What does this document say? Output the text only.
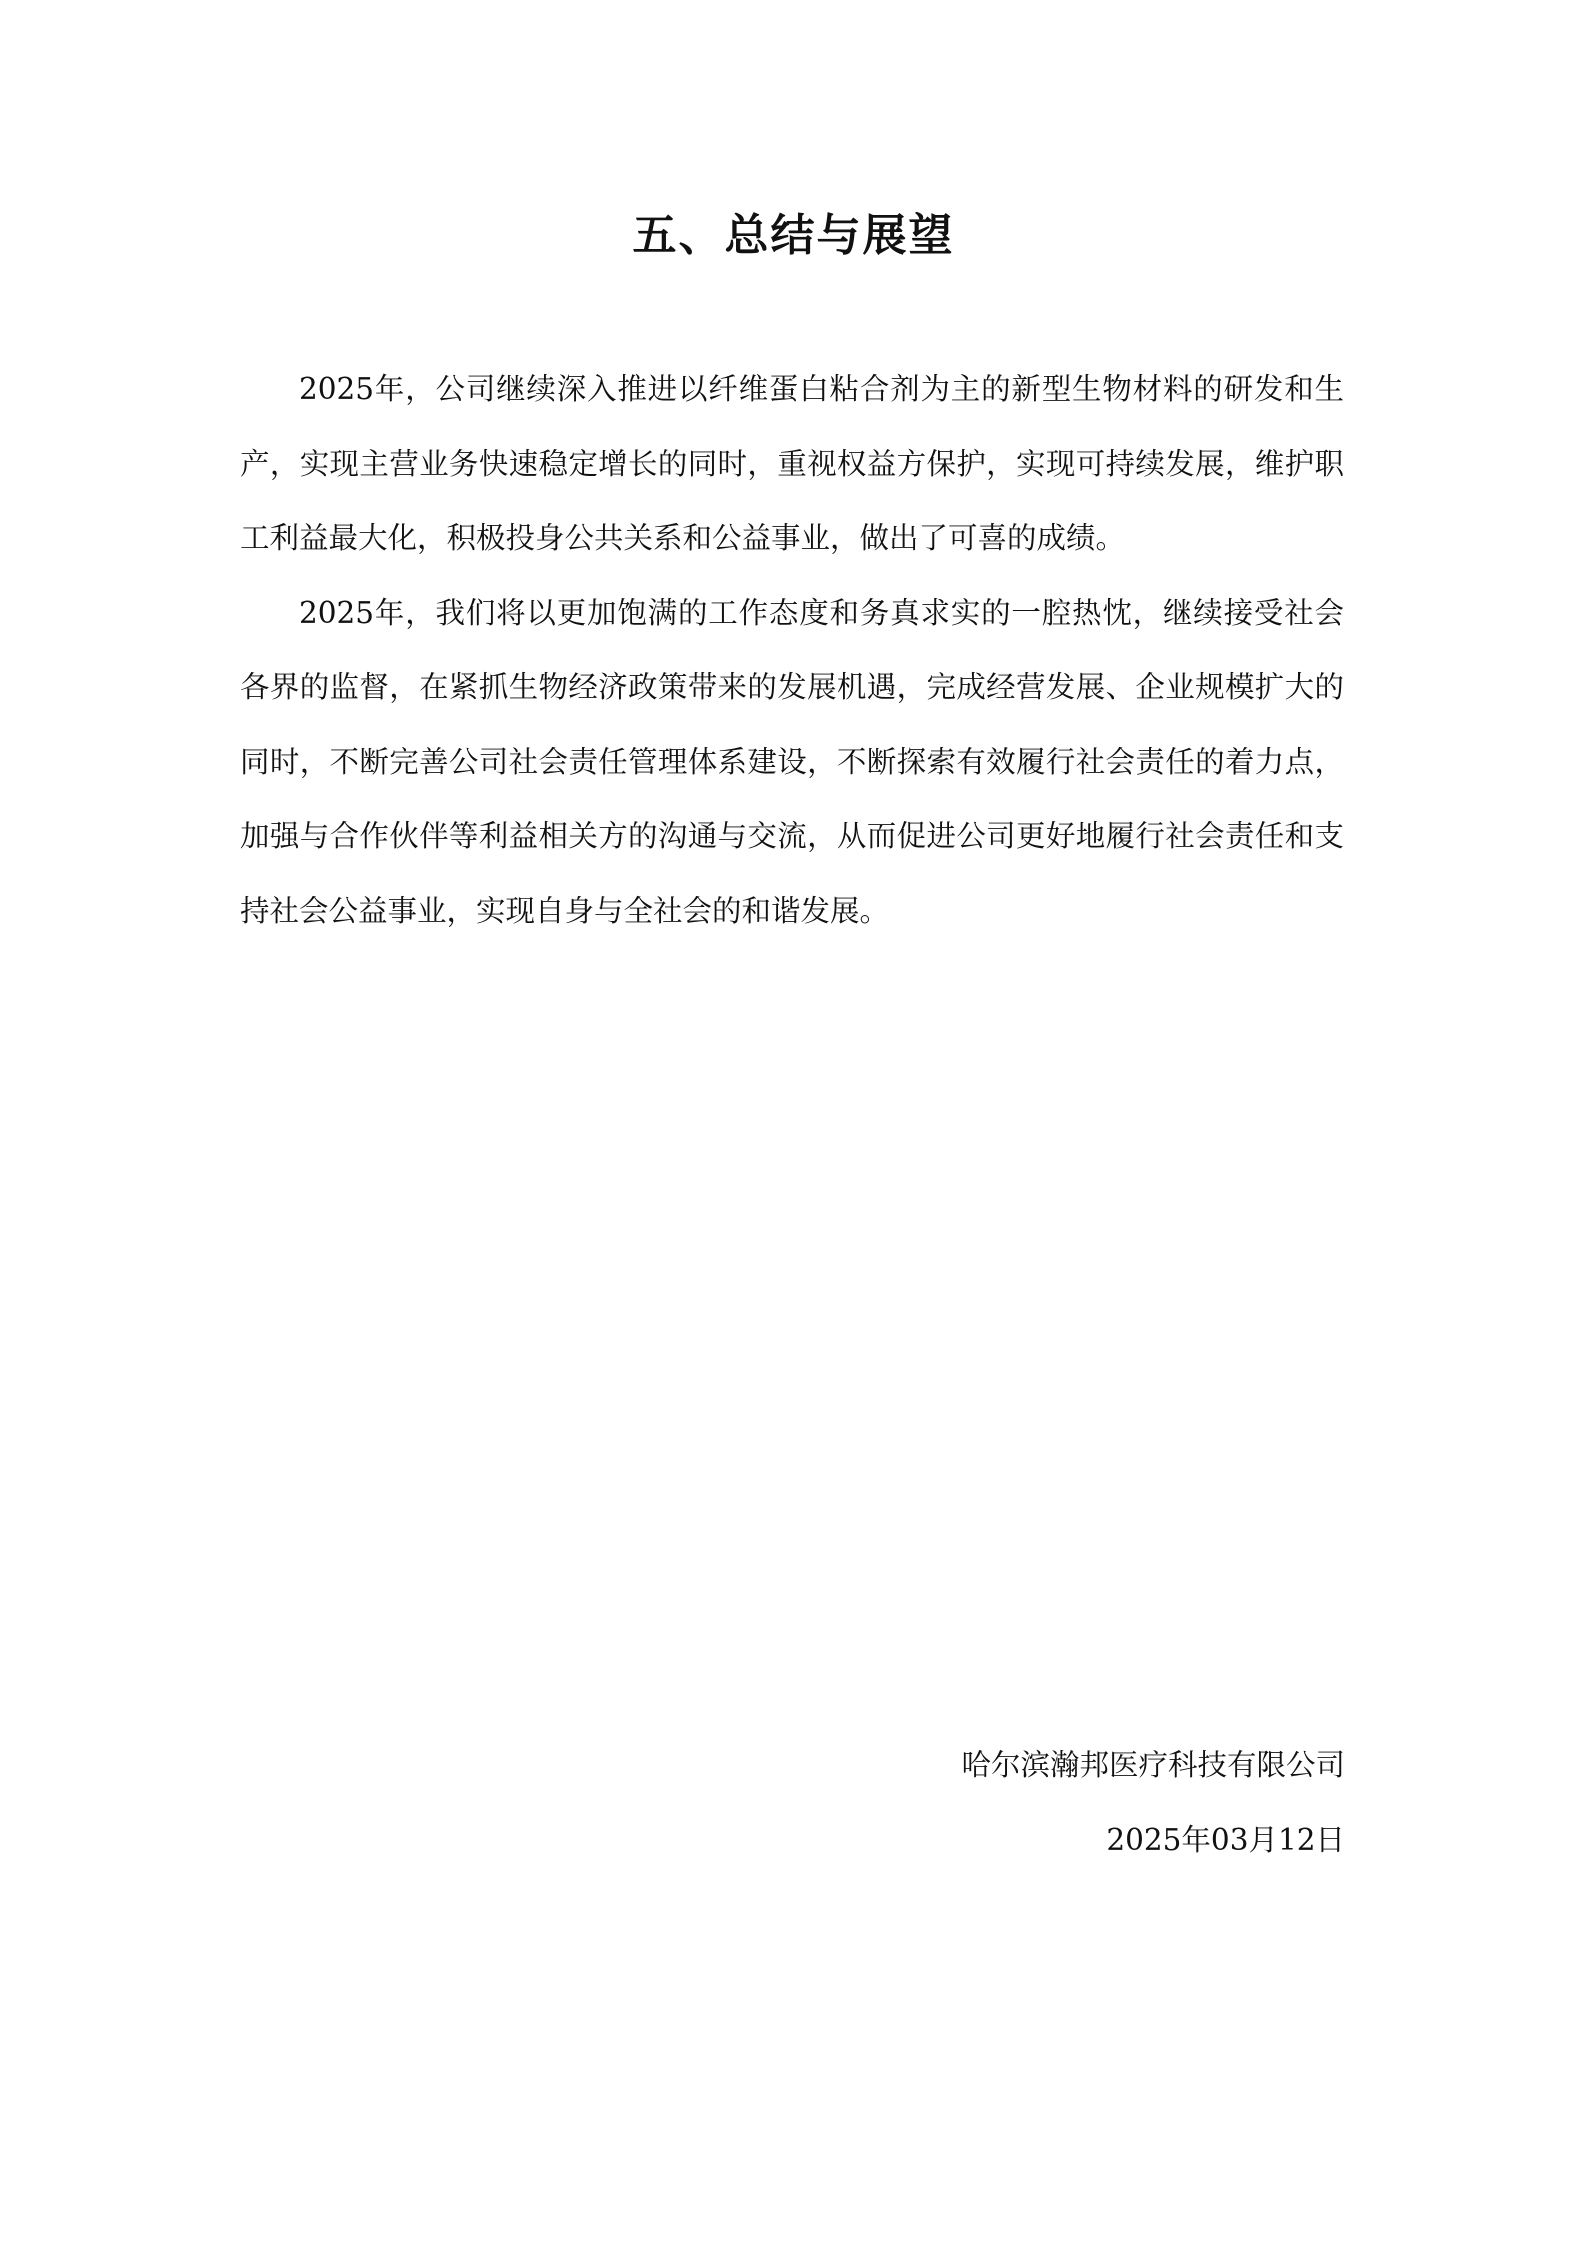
五、总结与展望

2025年，公司继续深入推进以纤维蛋白粘合剂为主的新型生物材料的研发和生产，实现主营业务快速稳定增长的同时，重视权益方保护，实现可持续发展，维护职工利益最大化，积极投身公共关系和公益事业，做出了可喜的成绩。

2025年，我们将以更加饱满的工作态度和务真求实的一腔热忱，继续接受社会各界的监督，在紧抓生物经济政策带来的发展机遇，完成经营发展、企业规模扩大的同时，不断完善公司社会责任管理体系建设，不断探索有效履行社会责任的着力点，加强与合作伙伴等利益相关方的沟通与交流，从而促进公司更好地履行社会责任和支持社会公益事业，实现自身与全社会的和谐发展。

哈尔滨瀚邦医疗科技有限公司

2025年03月12日
